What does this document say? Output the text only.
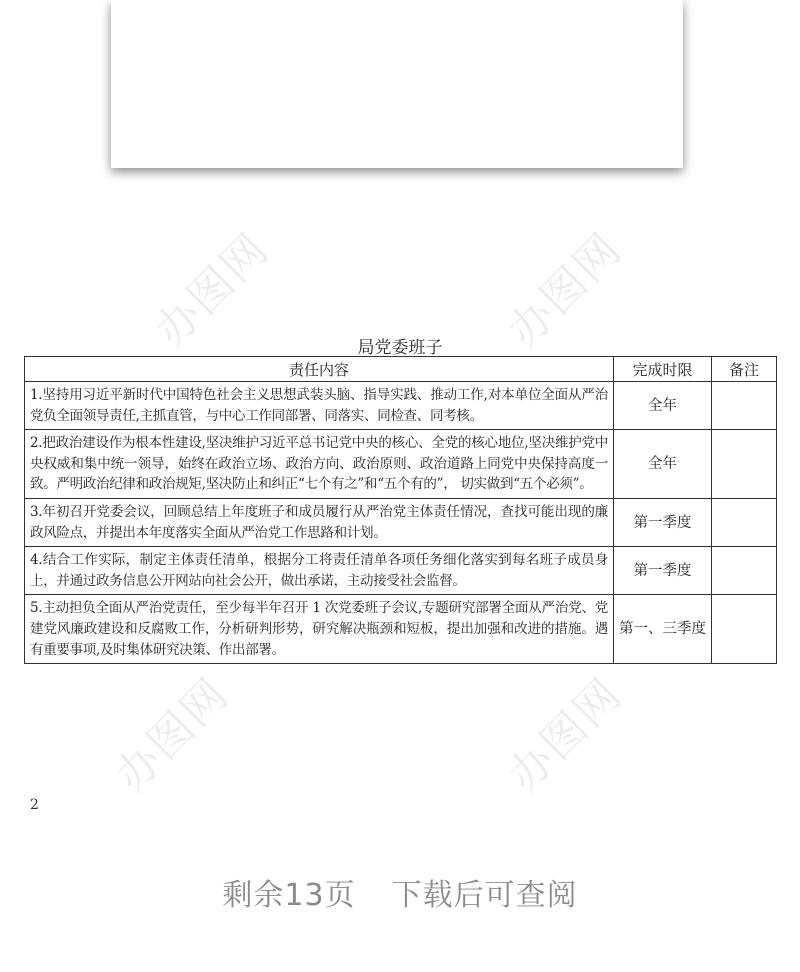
办图网	办图网
办图网	办图网
局党委班子
责任内容	完成时限	备注
1.坚持用习近平新时代中国特色社会主义思想武装头脑、指导实践、推动工作,对本单位全面从严治党负全面领导责任,主抓直管，与中心工作同部署、同落实、同检查、同考核。	全年	
2.把政治建设作为根本性建设,坚决维护习近平总书记党中央的核心、全党的核心地位,坚决维护党中央权威和集中统一领导，始终在政治立场、政治方向、政治原则、政治道路上同党中央保持高度一致。严明政治纪律和政治规矩,坚决防止和纠正“七个有之”和“五个有的”， 切实做到“五个必须”。	全年	
3.年初召开党委会议，回顾总结上年度班子和成员履行从严治党主体责任情况，查找可能出现的廉政风险点，并提出本年度落实全面从严治党工作思路和计划。	第一季度	
4.结合工作实际，制定主体责任清单，根据分工将责任清单各项任务细化落实到每名班子成员身上，并通过政务信息公开网站向社会公开，做出承诺，主动接受社会监督。	第一季度	
5.主动担负全面从严治党责任，至少每半年召开 1 次党委班子会议,专题研究部署全面从严治党、党建党风廉政建设和反腐败工作，分析研判形势，研究解决瓶颈和短板，提出加强和改进的措施。遇有重要事项,及时集体研究决策、作出部署。	第一、三季度	
2
剩余13页 下载后可查阅
